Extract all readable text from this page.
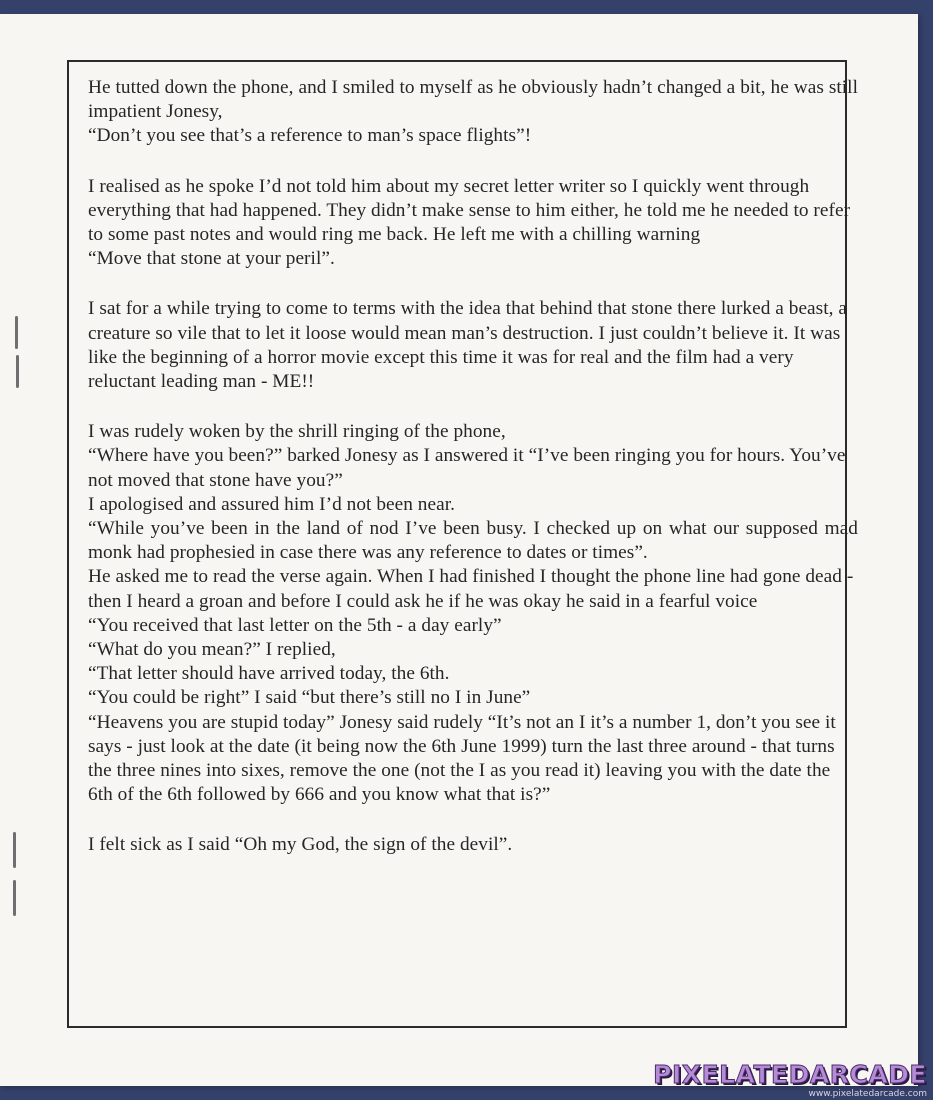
He tutted down the phone, and I smiled to myself as he obviously hadn’t changed a bit, he was still impatient Jonesy,

“Don’t you see that’s a reference to man’s space flights”!

I realised as he spoke I’d not told him about my secret letter writer so I quickly went through everything that had happened. They didn’t make sense to him either, he told me he needed to refer to some past notes and would ring me back. He left me with a chilling warning

“Move that stone at your peril”.

I sat for a while trying to come to terms with the idea that behind that stone there lurked a beast, a creature so vile that to let it loose would mean man’s destruction. I just couldn’t believe it. It was like the beginning of a horror movie except this time it was for real and the film had a very reluctant leading man - ME!!

I was rudely woken by the shrill ringing of the phone,

“Where have you been?” barked Jonesy as I answered it “I’ve been ringing you for hours. You’ve not moved that stone have you?”

I apologised and assured him I’d not been near.

“While you’ve been in the land of nod I’ve been busy. I checked up on what our supposed mad monk had prophesied in case there was any reference to dates or times”.

He asked me to read the verse again. When I had finished I thought the phone line had gone dead - then I heard a groan and before I could ask he if he was okay he said in a fearful voice

“You received that last letter on the 5th - a day early”

“What do you mean?” I replied,

“That letter should have arrived today, the 6th.

“You could be right” I said “but there’s still no I in June”

“Heavens you are stupid today” Jonesy said rudely “It’s not an I it’s a number 1, don’t you see it says - just look at the date (it being now the 6th June 1999) turn the last three around - that turns the three nines into sixes, remove the one (not the I as you read it) leaving you with the date the 6th of the 6th followed by 666 and you know what that is?”

I felt sick as I said “Oh my God, the sign of the devil”.

PIXELATEDARCADE
www.pixelatedarcade.com
